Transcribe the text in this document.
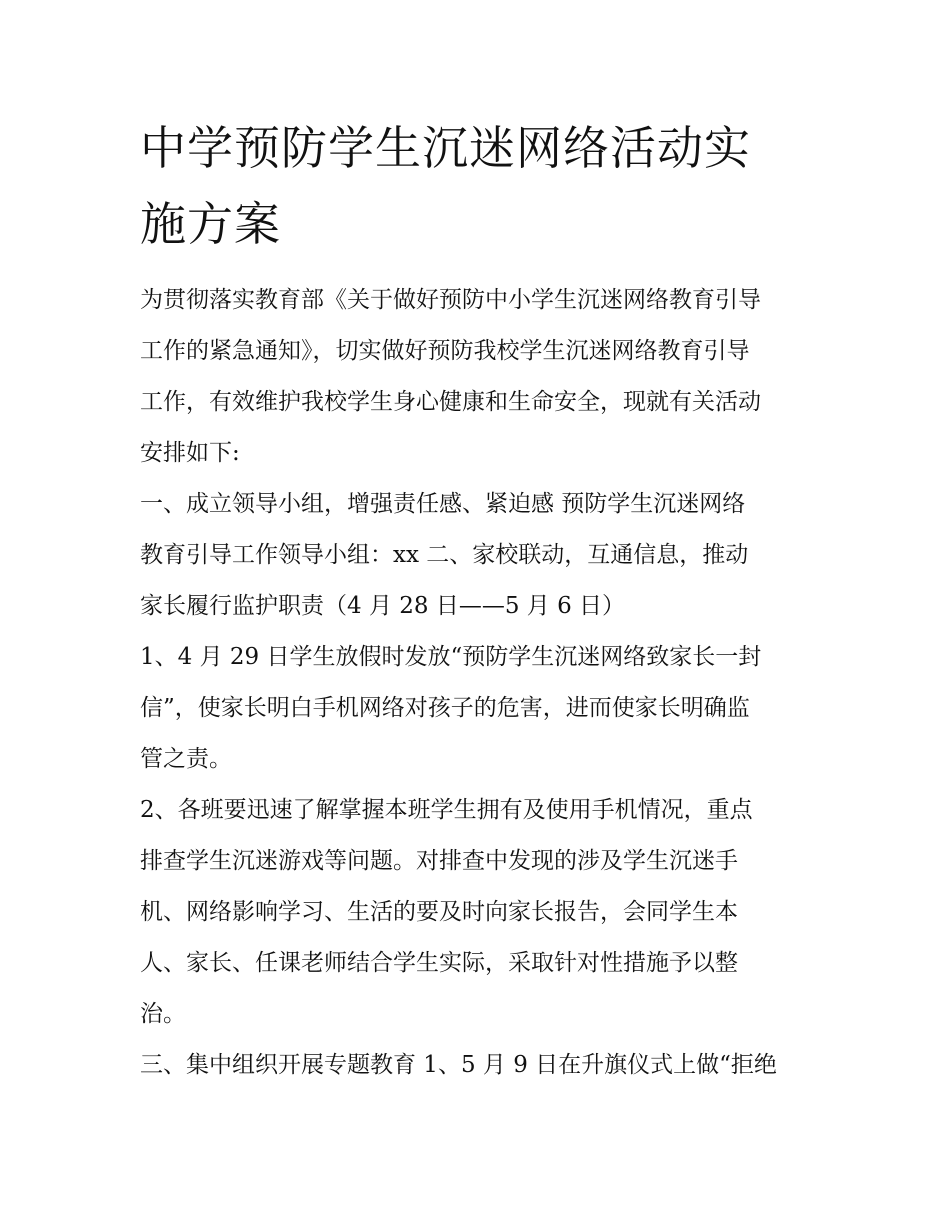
中学预防学生沉迷网络活动实
施方案

为贯彻落实教育部《关于做好预防中小学生沉迷网络教育引导

工作的紧急通知》，切实做好预防我校学生沉迷网络教育引导

工作，有效维护我校学生身心健康和生命安全，现就有关活动

安排如下:

一、成立领导小组，增强责任感、紧迫感 预防学生沉迷网络

教育引导工作领导小组：xx 二、家校联动，互通信息，推动

家长履行监护职责（4 月 28 日——5 月 6 日）

1、4 月 29 日学生放假时发放“预防学生沉迷网络致家长一封

信”，使家长明白手机网络对孩子的危害，进而使家长明确监

管之责。

2、各班要迅速了解掌握本班学生拥有及使用手机情况，重点

排查学生沉迷游戏等问题。对排查中发现的涉及学生沉迷手

机、网络影响学习、生活的要及时向家长报告，会同学生本

人、家长、任课老师结合学生实际，采取针对性措施予以整

治。

三、集中组织开展专题教育 1、5 月 9 日在升旗仪式上做“拒绝
